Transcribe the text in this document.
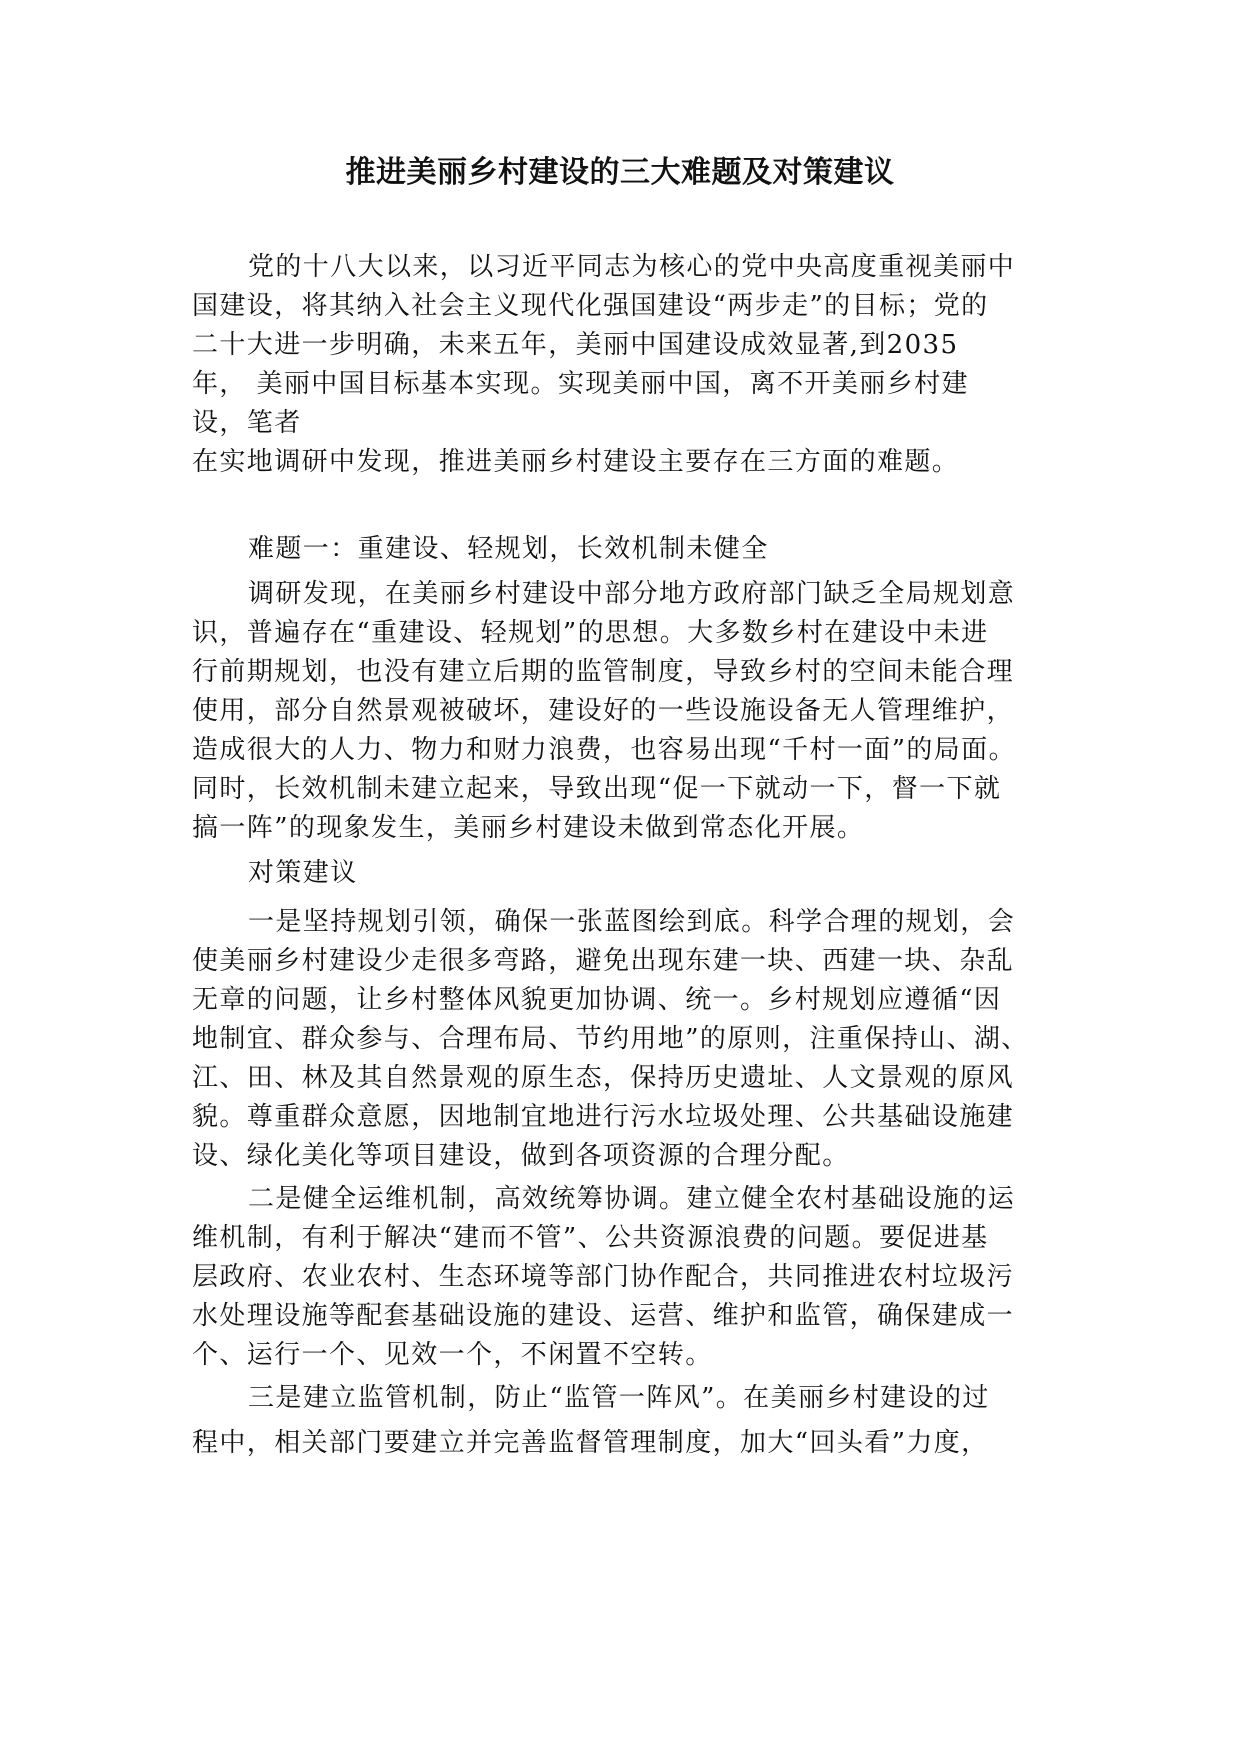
推进美丽乡村建设的三大难题及对策建议
党的十八大以来，以习近平同志为核心的党中央高度重视美丽中
国建设，将其纳入社会主义现代化强国建设“两步走”的目标；党的
二十大进一步明确，未来五年，美丽中国建设成效显著,到2035
年， 美丽中国目标基本实现。实现美丽中国，离不开美丽乡村建
设，笔者
在实地调研中发现，推进美丽乡村建设主要存在三方面的难题。
难题一：重建设、轻规划，长效机制未健全
调研发现，在美丽乡村建设中部分地方政府部门缺乏全局规划意
识，普遍存在“重建设、轻规划”的思想。大多数乡村在建设中未进
行前期规划，也没有建立后期的监管制度，导致乡村的空间未能合理
使用，部分自然景观被破坏，建设好的一些设施设备无人管理维护，
造成很大的人力、物力和财力浪费，也容易出现“千村一面”的局面。
同时，长效机制未建立起来，导致出现“促一下就动一下，督一下就
搞一阵”的现象发生，美丽乡村建设未做到常态化开展。
对策建议
一是坚持规划引领，确保一张蓝图绘到底。科学合理的规划，会
使美丽乡村建设少走很多弯路，避免出现东建一块、西建一块、杂乱
无章的问题，让乡村整体风貌更加协调、统一。乡村规划应遵循“因
地制宜、群众参与、合理布局、节约用地”的原则，注重保持山、湖、
江、田、林及其自然景观的原生态，保持历史遗址、人文景观的原风
貌。尊重群众意愿，因地制宜地进行污水垃圾处理、公共基础设施建
设、绿化美化等项目建设，做到各项资源的合理分配。
二是健全运维机制，高效统筹协调。建立健全农村基础设施的运
维机制，有利于解决“建而不管”、公共资源浪费的问题。要促进基
层政府、农业农村、生态环境等部门协作配合，共同推进农村垃圾污
水处理设施等配套基础设施的建设、运营、维护和监管，确保建成一
个、运行一个、见效一个，不闲置不空转。
三是建立监管机制，防止“监管一阵风”。在美丽乡村建设的过
程中，相关部门要建立并完善监督管理制度，加大“回头看”力度，
